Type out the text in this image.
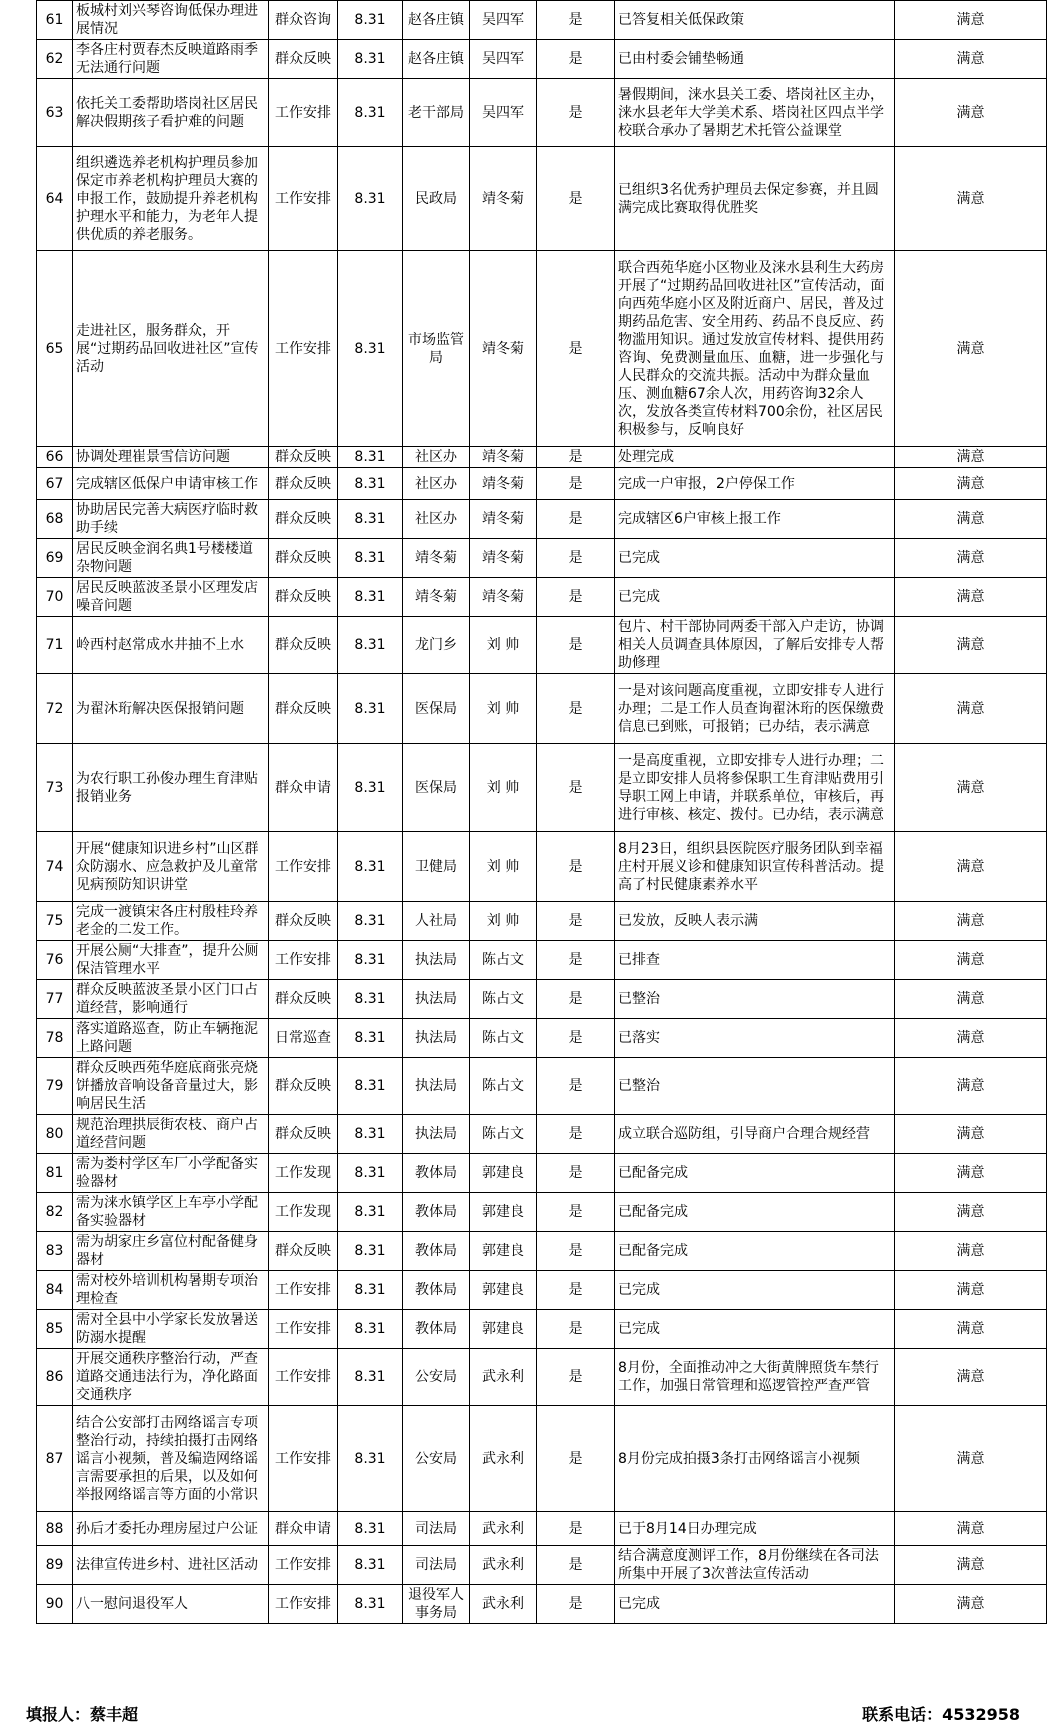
61	板城村刘兴琴咨询低保办理进展情况	群众咨询	8.31	赵各庄镇	吴四军	是	已答复相关低保政策	满意
62	李各庄村贾春杰反映道路雨季无法通行问题	群众反映	8.31	赵各庄镇	吴四军	是	已由村委会铺垫畅通	满意
63	依托关工委帮助塔岗社区居民解决假期孩子看护难的问题	工作安排	8.31	老干部局	吴四军	是	暑假期间，涞水县关工委、塔岗社区主办，涞水县老年大学美术系、塔岗社区四点半学校联合承办了暑期艺术托管公益课堂	满意
64	组织遴选养老机构护理员参加保定市养老机构护理员大赛的申报工作，鼓励提升养老机构护理水平和能力，为老年人提供优质的养老服务。	工作安排	8.31	民政局	靖冬菊	是	已组织3名优秀护理员去保定参赛，并且圆满完成比赛取得优胜奖	满意
65	走进社区，服务群众，开展“过期药品回收进社区”宣传活动	工作安排	8.31	市场监管局	靖冬菊	是	联合西苑华庭小区物业及涞水县利生大药房开展了“过期药品回收进社区”宣传活动，面向西苑华庭小区及附近商户、居民，普及过期药品危害、安全用药、药品不良反应、药物滥用知识。通过发放宣传材料、提供用药咨询、免费测量血压、血糖，进一步强化与人民群众的交流共振。活动中为群众量血压、测血糖67余人次，用药咨询32余人次，发放各类宣传材料700余份，社区居民积极参与，反响良好	满意
66	协调处理崔景雪信访问题	群众反映	8.31	社区办	靖冬菊	是	处理完成	满意
67	完成辖区低保户申请审核工作	群众反映	8.31	社区办	靖冬菊	是	完成一户审报，2户停保工作	满意
68	协助居民完善大病医疗临时救助手续	群众反映	8.31	社区办	靖冬菊	是	完成辖区6户审核上报工作	满意
69	居民反映金润名典1号楼楼道杂物问题	群众反映	8.31	靖冬菊	靖冬菊	是	已完成	满意
70	居民反映蓝波圣景小区理发店噪音问题	群众反映	8.31	靖冬菊	靖冬菊	是	已完成	满意
71	岭西村赵常成水井抽不上水	群众反映	8.31	龙门乡	刘 帅	是	包片、村干部协同两委干部入户走访，协调相关人员调查具体原因，了解后安排专人帮助修理	满意
72	为翟沐珩解决医保报销问题	群众反映	8.31	医保局	刘 帅	是	一是对该问题高度重视，立即安排专人进行办理；二是工作人员查询翟沐珩的医保缴费信息已到账，可报销；已办结，表示满意	满意
73	为农行职工孙俊办理生育津贴报销业务	群众申请	8.31	医保局	刘 帅	是	一是高度重视，立即安排专人进行办理；二是立即安排人员将参保职工生育津贴费用引导职工网上申请，并联系单位，审核后，再进行审核、核定、拨付。已办结，表示满意	满意
74	开展“健康知识进乡村”山区群众防溺水、应急救护及儿童常见病预防知识讲堂	工作安排	8.31	卫健局	刘 帅	是	8月23日，组织县医院医疗服务团队到幸福庄村开展义诊和健康知识宣传科普活动。提高了村民健康素养水平	满意
75	完成一渡镇宋各庄村殷桂玲养老金的二发工作。	群众反映	8.31	人社局	刘 帅	是	已发放，反映人表示满	满意
76	开展公厕“大排查”，提升公厕保洁管理水平	工作安排	8.31	执法局	陈占文	是	已排查	满意
77	群众反映蓝波圣景小区门口占道经营，影响通行	群众反映	8.31	执法局	陈占文	是	已整治	满意
78	落实道路巡查，防止车辆拖泥上路问题	日常巡查	8.31	执法局	陈占文	是	已落实	满意
79	群众反映西苑华庭底商张亮烧饼播放音响设备音量过大，影响居民生活	群众反映	8.31	执法局	陈占文	是	已整治	满意
80	规范治理拱辰街农枝、商户占道经营问题	群众反映	8.31	执法局	陈占文	是	成立联合巡防组，引导商户合理合规经营	满意
81	需为娄村学区车厂小学配备实验器材	工作发现	8.31	教体局	郭建良	是	已配备完成	满意
82	需为涞水镇学区上车亭小学配备实验器材	工作发现	8.31	教体局	郭建良	是	已配备完成	满意
83	需为胡家庄乡富位村配备健身器材	群众反映	8.31	教体局	郭建良	是	已配备完成	满意
84	需对校外培训机构暑期专项治理检查	工作安排	8.31	教体局	郭建良	是	已完成	满意
85	需对全县中小学家长发放暑送防溺水提醒	工作安排	8.31	教体局	郭建良	是	已完成	满意
86	开展交通秩序整治行动，严查道路交通违法行为，净化路面交通秩序	工作安排	8.31	公安局	武永利	是	8月份，全面推动冲之大街黄牌照货车禁行工作，加强日常管理和巡逻管控严查严管	满意
87	结合公安部打击网络谣言专项整治行动，持续拍摄打击网络谣言小视频，普及编造网络谣言需要承担的后果，以及如何举报网络谣言等方面的小常识	工作安排	8.31	公安局	武永利	是	8月份完成拍摄3条打击网络谣言小视频	满意
88	孙后才委托办理房屋过户公证	群众申请	8.31	司法局	武永利	是	已于8月14日办理完成	满意
89	法律宣传进乡村、进社区活动	工作安排	8.31	司法局	武永利	是	结合满意度测评工作，8月份继续在各司法所集中开展了3次普法宣传活动	满意
90	八一慰问退役军人	工作安排	8.31	退役军人事务局	武永利	是	已完成	满意
填报人：蔡丰超	联系电话：4532958
